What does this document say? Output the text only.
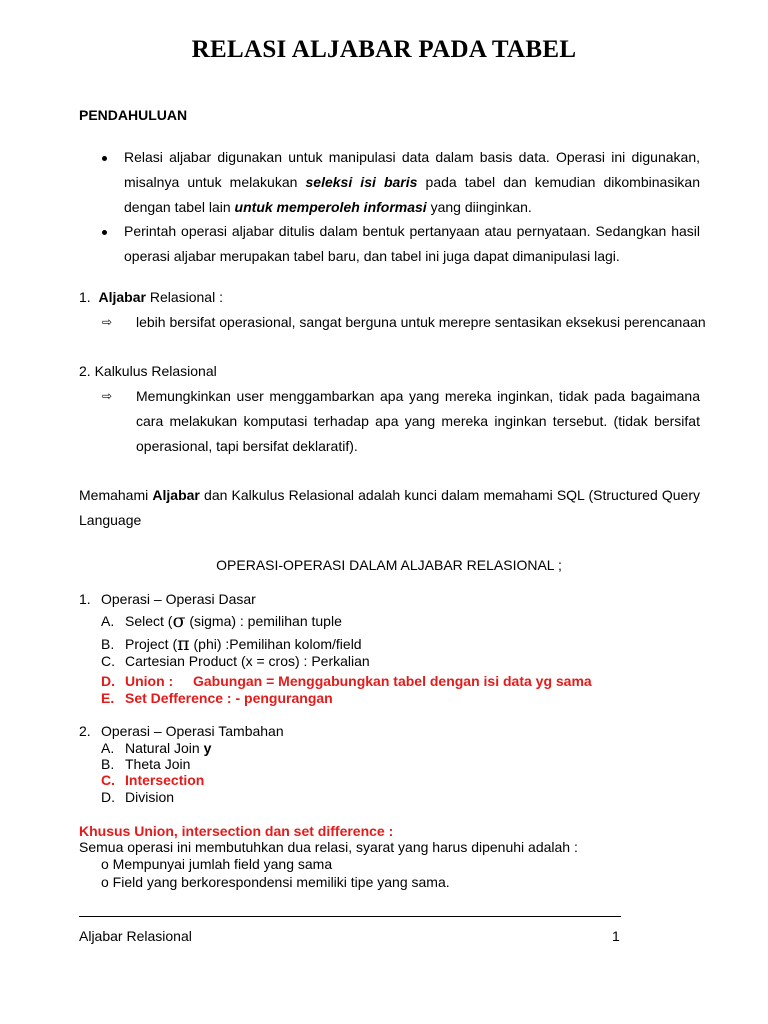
RELASI ALJABAR PADA TABEL
PENDAHULUAN
Relasi aljabar digunakan untuk manipulasi data dalam basis data. Operasi ini digunakan,
misalnya untuk melakukan seleksi isi baris pada tabel dan kemudian dikombinasikan
dengan tabel lain untuk memperoleh informasi yang diinginkan.
Perintah operasi aljabar ditulis dalam bentuk pertanyaan atau pernyataan. Sedangkan hasil
operasi aljabar merupakan tabel baru, dan tabel ini juga dapat dimanipulasi lagi.
1. Aljabar Relasional :
⇨ lebih bersifat operasional, sangat berguna untuk merepre sentasikan eksekusi perencanaan
2. Kalkulus Relasional
⇨ Memungkinkan user menggambarkan apa yang mereka inginkan, tidak pada bagaimana
cara melakukan komputasi terhadap apa yang mereka inginkan tersebut. (tidak bersifat
operasional, tapi bersifat deklaratif).
Memahami Aljabar dan Kalkulus Relasional adalah kunci dalam memahami SQL (Structured Query
Language
OPERASI-OPERASI DALAM ALJABAR RELASIONAL ;
1. Operasi – Operasi Dasar
A. Select (σ (sigma) : pemilihan tuple
B. Project (π (phi) :Pemilihan kolom/field
C. Cartesian Product (x = cros) : Perkalian
D. Union : Gabungan = Menggabungkan tabel dengan isi data yg sama
E. Set Defference : - pengurangan
2. Operasi – Operasi Tambahan
A. Natural Join y
B. Theta Join
C. Intersection
D. Division
Khusus Union, intersection dan set difference :
Semua operasi ini membutuhkan dua relasi, syarat yang harus dipenuhi adalah :
o Mempunyai jumlah field yang sama
o Field yang berkorespondensi memiliki tipe yang sama.
Aljabar Relasional	1
